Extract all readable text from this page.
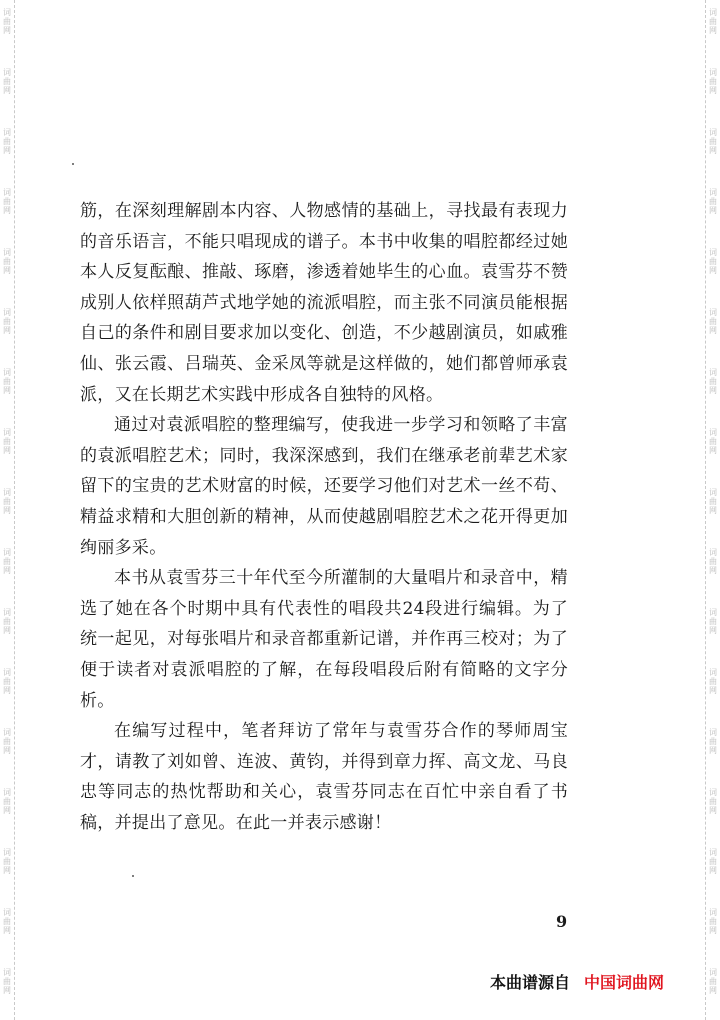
筋，在深刻理解剧本内容、人物感情的基础上，寻找最有表现力的音乐语言，不能只唱现成的谱子。本书中收集的唱腔都经过她本人反复酝酿、推敲、琢磨，渗透着她毕生的心血。袁雪芬不赞成别人依样照葫芦式地学她的流派唱腔，而主张不同演员能根据自己的条件和剧目要求加以变化、创造，不少越剧演员，如戚雅仙、张云霞、吕瑞英、金采凤等就是这样做的，她们都曾师承袁派，又在长期艺术实践中形成各自独特的风格。

通过对袁派唱腔的整理编写，使我进一步学习和领略了丰富的袁派唱腔艺术；同时，我深深感到，我们在继承老前辈艺术家留下的宝贵的艺术财富的时候，还要学习他们对艺术一丝不苟、精益求精和大胆创新的精神，从而使越剧唱腔艺术之花开得更加绚丽多采。

本书从袁雪芬三十年代至今所灌制的大量唱片和录音中，精选了她在各个时期中具有代表性的唱段共24段进行编辑。为了统一起见，对每张唱片和录音都重新记谱，并作再三校对；为了便于读者对袁派唱腔的了解，在每段唱段后附有简略的文字分析。

在编写过程中，笔者拜访了常年与袁雪芬合作的琴师周宝才，请教了刘如曾、连波、黄钧，并得到章力挥、高文龙、马良忠等同志的热忱帮助和关心，袁雪芬同志在百忙中亲自看了书稿，并提出了意见。在此一并表示感谢！

9
本曲谱源自 中国词曲网
词曲网
词曲网
词曲网
词曲网
词曲网
词曲网
词曲网
词曲网
词曲网
词曲网
词曲网
词曲网
词曲网
词曲网
词曲网
词曲网
词曲网
词曲网
词曲网
词曲网
词曲网
词曲网
词曲网
词曲网
词曲网
词曲网
词曲网
词曲网
词曲网
词曲网
词曲网
词曲网
词曲网
词曲网
